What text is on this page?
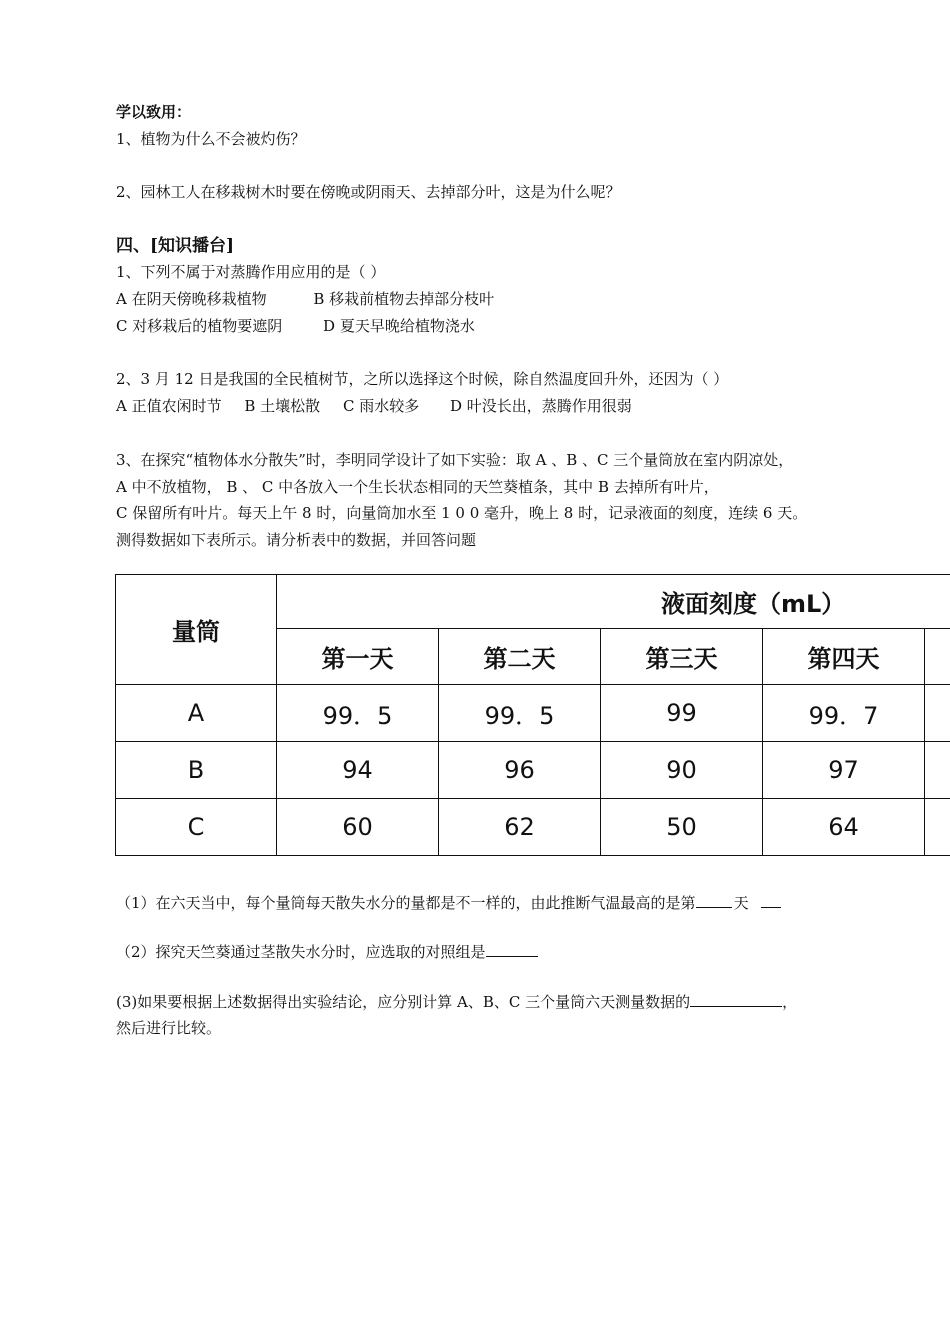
学以致用：
1、植物为什么不会被灼伤？
2、园林工人在移栽树木时要在傍晚或阴雨天、去掉部分叶，这是为什么呢？
四、[知识播台]
1、下列不属于对蒸腾作用应用的是（ ）
A 在阴天傍晚移栽植物	B 移栽前植物去掉部分枝叶
C 对移栽后的植物要遮阴	D 夏天早晚给植物浇水
2、3 月 12 日是我国的全民植树节，之所以选择这个时候，除自然温度回升外，还因为（ ）
A 正值农闲时节 B 土壤松散 C 雨水较多 D 叶没长出，蒸腾作用很弱
3、在探究“植物体水分散失”时，李明同学设计了如下实验：取 A 、B 、C 三个量筒放在室内阴凉处，
A 中不放植物， B 、 C 中各放入一个生长状态相同的天竺葵植条，其中 B 去掉所有叶片，
C 保留所有叶片。每天上午 8 时，向量筒加水至 1 0 0 毫升，晚上 8 时，记录液面的刻度，连续 6 天。
测得数据如下表所示。请分析表中的数据，并回答问题
量筒	液面刻度（mL）				
	第一天	第二天	第三天	第四天	
A	99．5	99．5	99	99．7	
B	94	96	90	97	
C	60	62	50	64	
（1）在六天当中，每个量筒每天散失水分的量都是不一样的，由此推断气温最高的是第	天
（2）探究天竺葵通过茎散失水分时，应选取的对照组是
(3)如果要根据上述数据得出实验结论，应分别计算 A、B、C 三个量筒六天测量数据的	，
然后进行比较。
